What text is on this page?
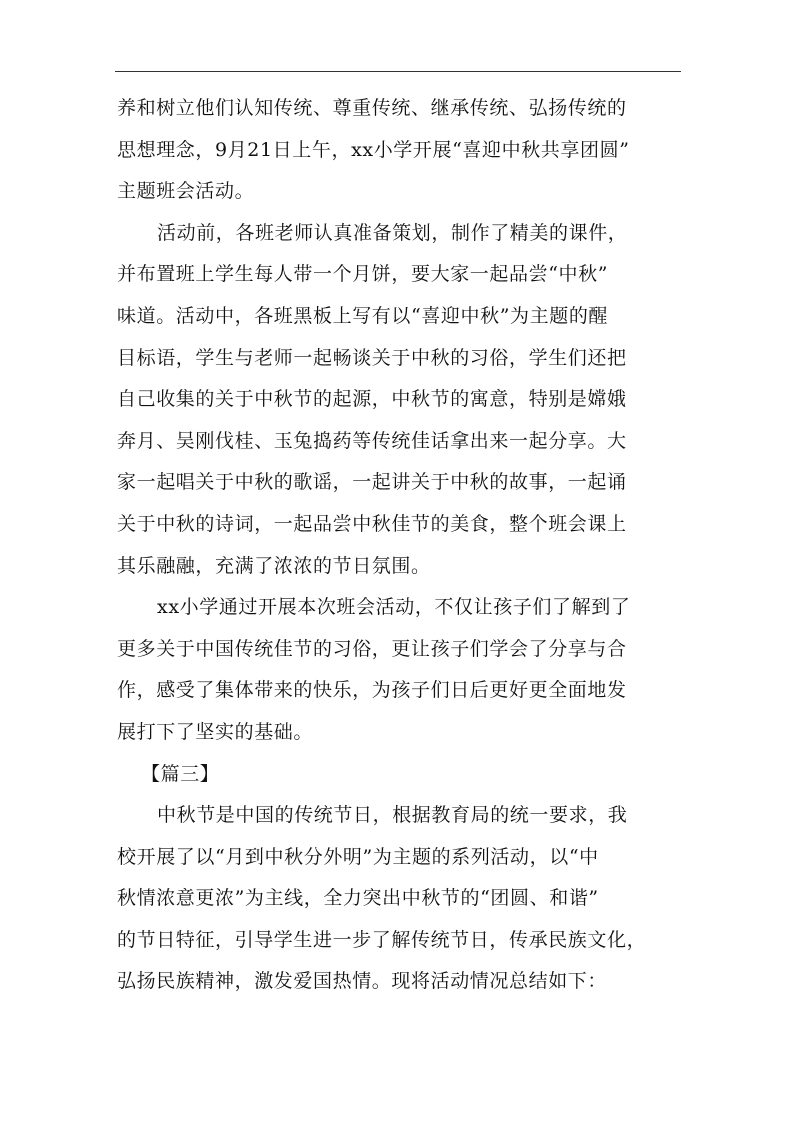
养和树立他们认知传统、尊重传统、继承传统、弘扬传统的
思想理念，9月21日上午，xx小学开展“喜迎中秋共享团圆”
主题班会活动。
活动前，各班老师认真准备策划，制作了精美的课件，
并布置班上学生每人带一个月饼，要大家一起品尝“中秋”
味道。活动中，各班黑板上写有以“喜迎中秋”为主题的醒
目标语，学生与老师一起畅谈关于中秋的习俗，学生们还把
自己收集的关于中秋节的起源，中秋节的寓意，特别是嫦娥
奔月、吴刚伐桂、玉兔捣药等传统佳话拿出来一起分享。大
家一起唱关于中秋的歌谣，一起讲关于中秋的故事，一起诵
关于中秋的诗词，一起品尝中秋佳节的美食，整个班会课上
其乐融融，充满了浓浓的节日氛围。
xx小学通过开展本次班会活动，不仅让孩子们了解到了
更多关于中国传统佳节的习俗，更让孩子们学会了分享与合
作，感受了集体带来的快乐，为孩子们日后更好更全面地发
展打下了坚实的基础。
【篇三】
中秋节是中国的传统节日，根据教育局的统一要求，我
校开展了以“月到中秋分外明”为主题的系列活动，以“中
秋情浓意更浓”为主线，全力突出中秋节的“团圆、和谐”
的节日特征，引导学生进一步了解传统节日，传承民族文化，
弘扬民族精神，激发爱国热情。现将活动情况总结如下：
